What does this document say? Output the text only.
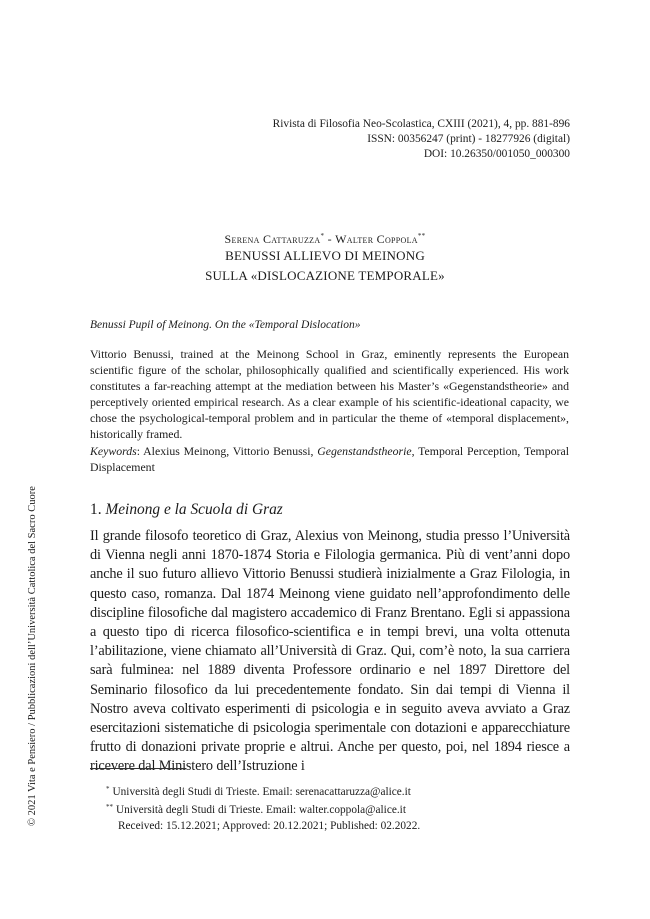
Rivista di Filosofia Neo-Scolastica, CXIII (2021), 4, pp. 881-896
ISSN: 00356247 (print) - 18277926 (digital)
DOI: 10.26350/001050_000300
Serena Cattaruzza* - Walter Coppola**
BENUSSI ALLIEVO DI MEINONG
SULLA «DISLOCAZIONE TEMPORALE»
Benussi Pupil of Meinong. On the «Temporal Dislocation»
Vittorio Benussi, trained at the Meinong School in Graz, eminently represents the European scientific figure of the scholar, philosophically qualified and scientifically experienced. His work constitutes a far-reaching attempt at the mediation between his Master’s «Gegenstandstheorie» and perceptively oriented empirical research. As a clear example of his scientific-ideational capacity, we chose the psychological-temporal problem and in particular the theme of «temporal displacement», historically framed.
Keywords: Alexius Meinong, Vittorio Benussi, Gegenstandstheorie, Temporal Perception, Temporal Displacement
1. Meinong e la Scuola di Graz
Il grande filosofo teoretico di Graz, Alexius von Meinong, studia presso l’Università di Vienna negli anni 1870-1874 Storia e Filologia germanica. Più di vent’anni dopo anche il suo futuro allievo Vittorio Benussi studierà inizialmente a Graz Filologia, in questo caso, romanza. Dal 1874 Meinong viene guidato nell’approfondimento delle discipline filosofiche dal magistero accademico di Franz Brentano. Egli si appassiona a questo tipo di ricerca filosofico-scientifica e in tempi brevi, una volta ottenuta l’abilitazione, viene chiamato all’Università di Graz. Qui, com’è noto, la sua carriera sarà fulminea: nel 1889 diventa Professore ordinario e nel 1897 Direttore del Seminario filosofico da lui precedentemente fondato. Sin dai tempi di Vienna il Nostro aveva coltivato esperimenti di psicologia e in seguito aveva avviato a Graz esercitazioni sistematiche di psicologia sperimentale con dotazioni e apparecchiature frutto di donazioni private proprie e altrui. Anche per questo, poi, nel 1894 riesce a ricevere dal Ministero dell’Istruzione i
* Università degli Studi di Trieste. Email: serenacattaruzza@alice.it
** Università degli Studi di Trieste. Email: walter.coppola@alice.it
Received: 15.12.2021; Approved: 20.12.2021; Published: 02.2022.
© 2021 Vita e Pensiero / Pubblicazioni dell’Università Cattolica del Sacro Cuore
